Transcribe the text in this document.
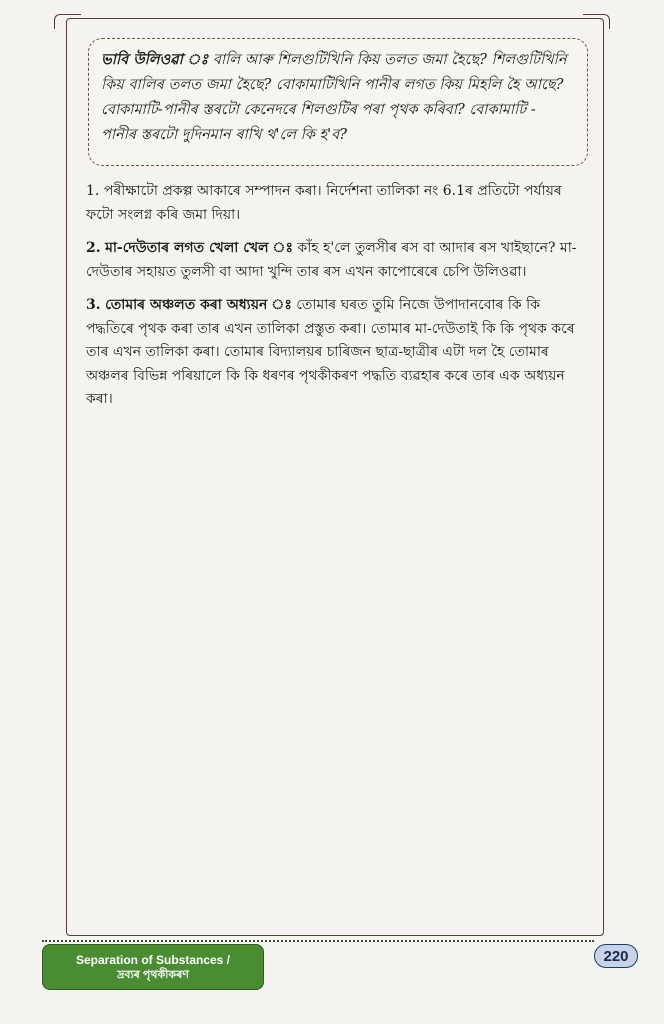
ভাবি উলিওৱা ঃ বালি আৰু শিলগুটিখিনি কিয় তলত জমা হৈছে? শিলগুটিখিনি কিয় বালিৰ তলত জমা হৈছে? বোকামাটিখিনি পানীৰ লগত কিয় মিহলি হৈ আছে? বোকামাটি-পানীৰ স্তৰটো কেনেদৰে শিলগুটিৰ পৰা পৃথক কৰিবা? বোকামাটি - পানীৰ স্তৰটো দুদিনমান ৰাখি থ'লে কি হ'ব?

1. পৰীক্ষাটো প্ৰকল্প আকাৰে সম্পাদন কৰা। নিৰ্দেশনা তালিকা নং 6.1ৰ প্ৰতিটো পৰ্যায়ৰ ফটো সংলগ্ন কৰি জমা দিয়া।

2. মা-দেউতাৰ লগত খেলা খেল ঃ কাঁহ হ'লে তুলসীৰ ৰস বা আদাৰ ৰস খাইছানে? মা-দেউতাৰ সহায়ত তুলসী বা আদা খুন্দি তাৰ ৰস এখন কাপোৰেৰে চেপি উলিওৱা।

3. তোমাৰ অঞ্চলত কৰা অধ্যয়ন ঃ তোমাৰ ঘৰত তুমি নিজে উপাদানবোৰ কি কি পদ্ধতিৰে পৃথক কৰা তাৰ এখন তালিকা প্ৰস্তুত কৰা। তোমাৰ মা-দেউতাই কি কি পৃথক কৰে তাৰ এখন তালিকা কৰা। তোমাৰ বিদ্যালয়ৰ চাৰিজন ছাত্ৰ-ছাত্ৰীৰ এটা দল হৈ তোমাৰ অঞ্চলৰ বিভিন্ন পৰিয়ালে কি কি ধৰণৰ পৃথকীকৰণ পদ্ধতি ব্যৱহাৰ কৰে তাৰ এক অধ্যয়ন কৰা।

Separation of Substances /
দ্ৰব্যৰ পৃথকীকৰণ
220
